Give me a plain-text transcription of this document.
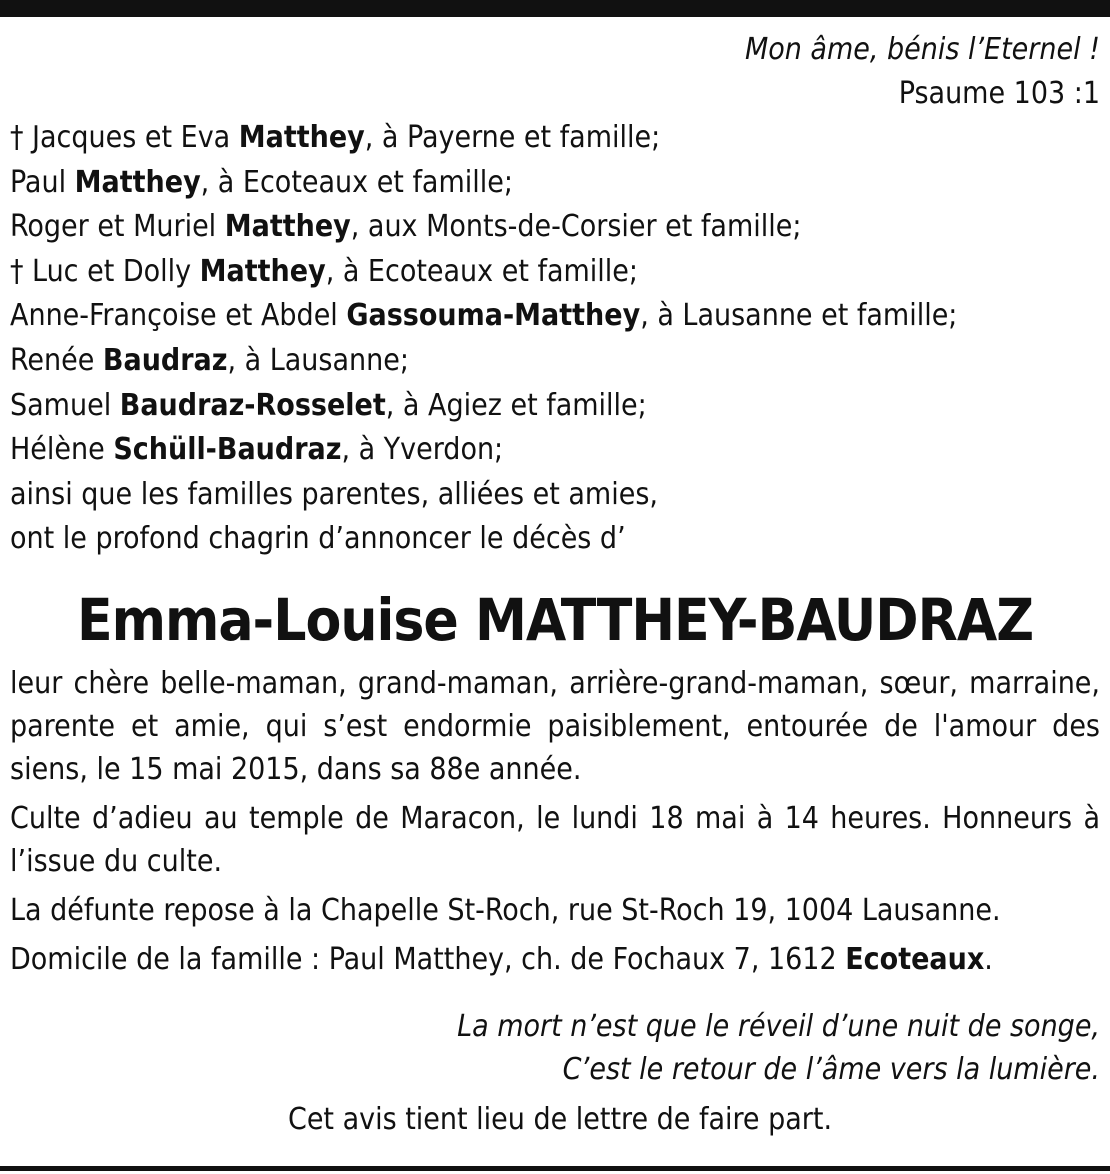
Mon âme, bénis l’Eternel !
Psaume 103 :1
† Jacques et Eva Matthey, à Payerne et famille;
Paul Matthey, à Ecoteaux et famille;
Roger et Muriel Matthey, aux Monts-de-Corsier et famille;
† Luc et Dolly Matthey, à Ecoteaux et famille;
Anne-Françoise et Abdel Gassouma-Matthey, à Lausanne et famille;
Renée Baudraz, à Lausanne;
Samuel Baudraz-Rosselet, à Agiez et famille;
Hélène Schüll-Baudraz, à Yverdon;
ainsi que les familles parentes, alliées et amies,
ont le profond chagrin d’annoncer le décès d’
Emma-Louise MATTHEY-BAUDRAZ
leur chère belle-maman, grand-maman, arrière-grand-maman, sœur, marraine, parente et amie, qui s’est endormie paisiblement, entourée de l'amour des siens, le 15 mai 2015, dans sa 88e année.
Culte d’adieu au temple de Maracon, le lundi 18 mai à 14 heures. Honneurs à l’issue du culte.
La défunte repose à la Chapelle St-Roch, rue St-Roch 19, 1004 Lausanne.
Domicile de la famille : Paul Matthey, ch. de Fochaux 7, 1612 Ecoteaux.
La mort n’est que le réveil d’une nuit de songe,
C’est le retour de l’âme vers la lumière.
Cet avis tient lieu de lettre de faire part.
